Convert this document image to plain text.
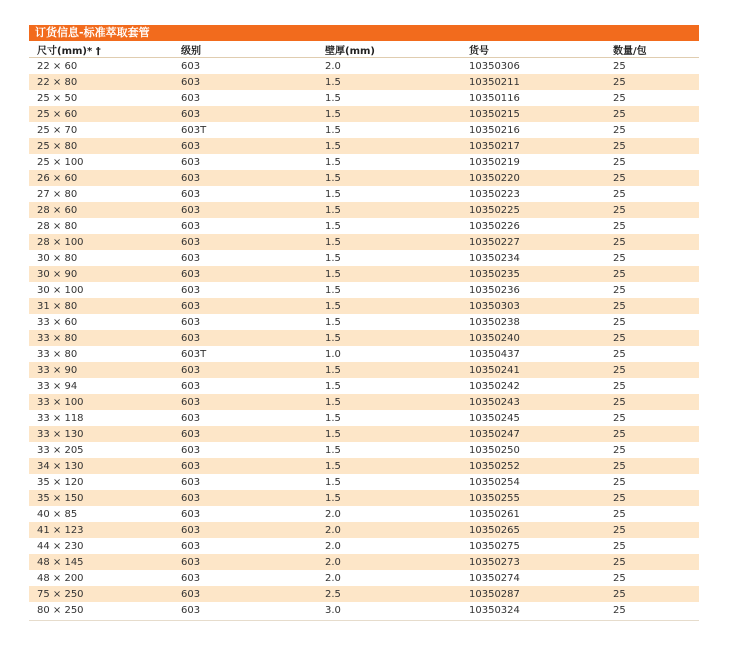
订货信息-标准萃取套管
尺寸(mm)* †	级别	壁厚(mm)	货号	数量/包
22 × 60	603	2.0	10350306	25
22 × 80	603	1.5	10350211	25
25 × 50	603	1.5	10350116	25
25 × 60	603	1.5	10350215	25
25 × 70	603T	1.5	10350216	25
25 × 80	603	1.5	10350217	25
25 × 100	603	1.5	10350219	25
26 × 60	603	1.5	10350220	25
27 × 80	603	1.5	10350223	25
28 × 60	603	1.5	10350225	25
28 × 80	603	1.5	10350226	25
28 × 100	603	1.5	10350227	25
30 × 80	603	1.5	10350234	25
30 × 90	603	1.5	10350235	25
30 × 100	603	1.5	10350236	25
31 × 80	603	1.5	10350303	25
33 × 60	603	1.5	10350238	25
33 × 80	603	1.5	10350240	25
33 × 80	603T	1.0	10350437	25
33 × 90	603	1.5	10350241	25
33 × 94	603	1.5	10350242	25
33 × 100	603	1.5	10350243	25
33 × 118	603	1.5	10350245	25
33 × 130	603	1.5	10350247	25
33 × 205	603	1.5	10350250	25
34 × 130	603	1.5	10350252	25
35 × 120	603	1.5	10350254	25
35 × 150	603	1.5	10350255	25
40 × 85	603	2.0	10350261	25
41 × 123	603	2.0	10350265	25
44 × 230	603	2.0	10350275	25
48 × 145	603	2.0	10350273	25
48 × 200	603	2.0	10350274	25
75 × 250	603	2.5	10350287	25
80 × 250	603	3.0	10350324	25
